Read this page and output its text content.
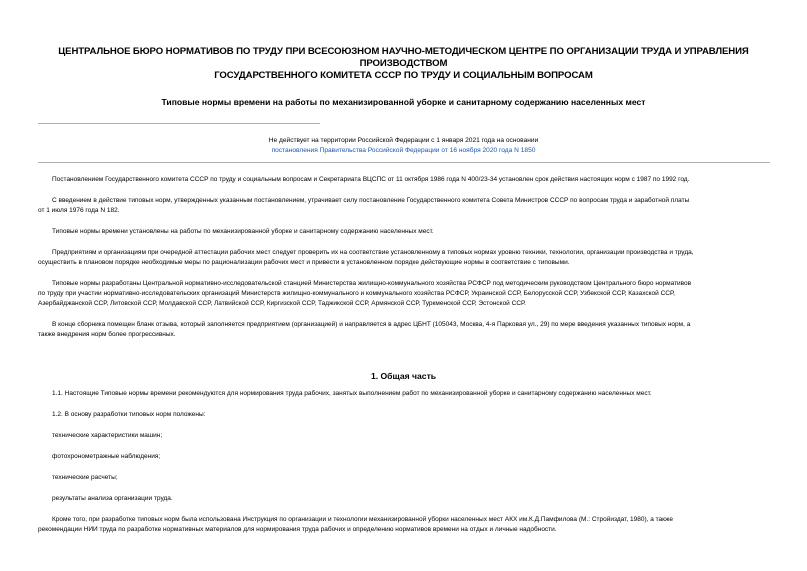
ЦЕНТРАЛЬНОЕ БЮРО НОРМАТИВОВ ПО ТРУДУ ПРИ ВСЕСОЮЗНОМ НАУЧНО-МЕТОДИЧЕСКОМ ЦЕНТРЕ ПО ОРГАНИЗАЦИИ ТРУДА И УПРАВЛЕНИЯ ПРОИЗВОДСТВОМ
ГОСУДАРСТВЕННОГО КОМИТЕТА СССР ПО ТРУДУ И СОЦИАЛЬНЫМ ВОПРОСАМ
Типовые нормы времени на работы по механизированной уборке и санитарному содержанию населенных мест
Не действует на территории Российской Федерации с 1 января 2021 года на основании
постановления Правительства Российской Федерации от 16 ноября 2020 года N 1850
Постановлением Государственного комитета СССР по труду и социальным вопросам и Секретариата ВЦСПС от 11 октября 1986 года N 400/23-34 установлен срок действия настоящих норм с 1987 по 1992 год.
С введением в действие типовых норм, утвержденных указанным постановлением, утрачивает силу постановление Государственного комитета Совета Министров СССР по вопросам труда и заработной платы
от 1 июля 1976 года N 182.
Типовые нормы времени установлены на работы по механизированной уборке и санитарному содержанию населенных мест.
Предприятиям и организациям при очередной аттестации рабочих мест следует проверить их на соответствие установленному в типовых нормах уровню техники, технологии, организации производства и труда,
осуществить в плановом порядке необходимые меры по рационализации рабочих мест и привести в установленном порядке действующие нормы в соответствие с типовыми.
Типовые нормы разработаны Центральной нормативно-исследовательской станцией Министерства жилищно-коммунального хозяйства РСФСР под методическим руководством Центрального бюро нормативов
по труду при участии нормативно-исследовательских организаций Министерств жилищно-коммунального и коммунального хозяйства РСФСР, Украинской ССР, Белорусской ССР, Узбекской ССР, Казахской ССР,
Азербайджанской ССР, Литовской ССР, Молдавской ССР, Латвийской ССР, Киргизской ССР, Таджикской ССР, Армянской ССР, Туркменской ССР, Эстонской ССР.
В конце сборника помещен бланк отзыва, который заполняется предприятием (организацией) и направляется в адрес ЦБНТ (105043, Москва, 4-я Парковая ул., 29) по мере введения указанных типовых норм, а
также внедрения норм более прогрессивных.
1. Общая часть
1.1. Настоящие Типовые нормы времени рекомендуются для нормирования труда рабочих, занятых выполнением работ по механизированной уборке и санитарному содержанию населенных мест.
1.2. В основу разработки типовых норм положены:
технические характеристики машин;
фотохронометражные наблюдения;
технические расчеты;
результаты анализа организации труда.
Кроме того, при разработке типовых норм была использована Инструкция по организации и технологии механизированной уборки населенных мест АКХ им.К.Д.Памфилова (М.: Стройиздат, 1980), а также
рекомендации НИИ труда по разработке нормативных материалов для нормирования труда рабочих и определению нормативов времени на отдых и личные надобности.
